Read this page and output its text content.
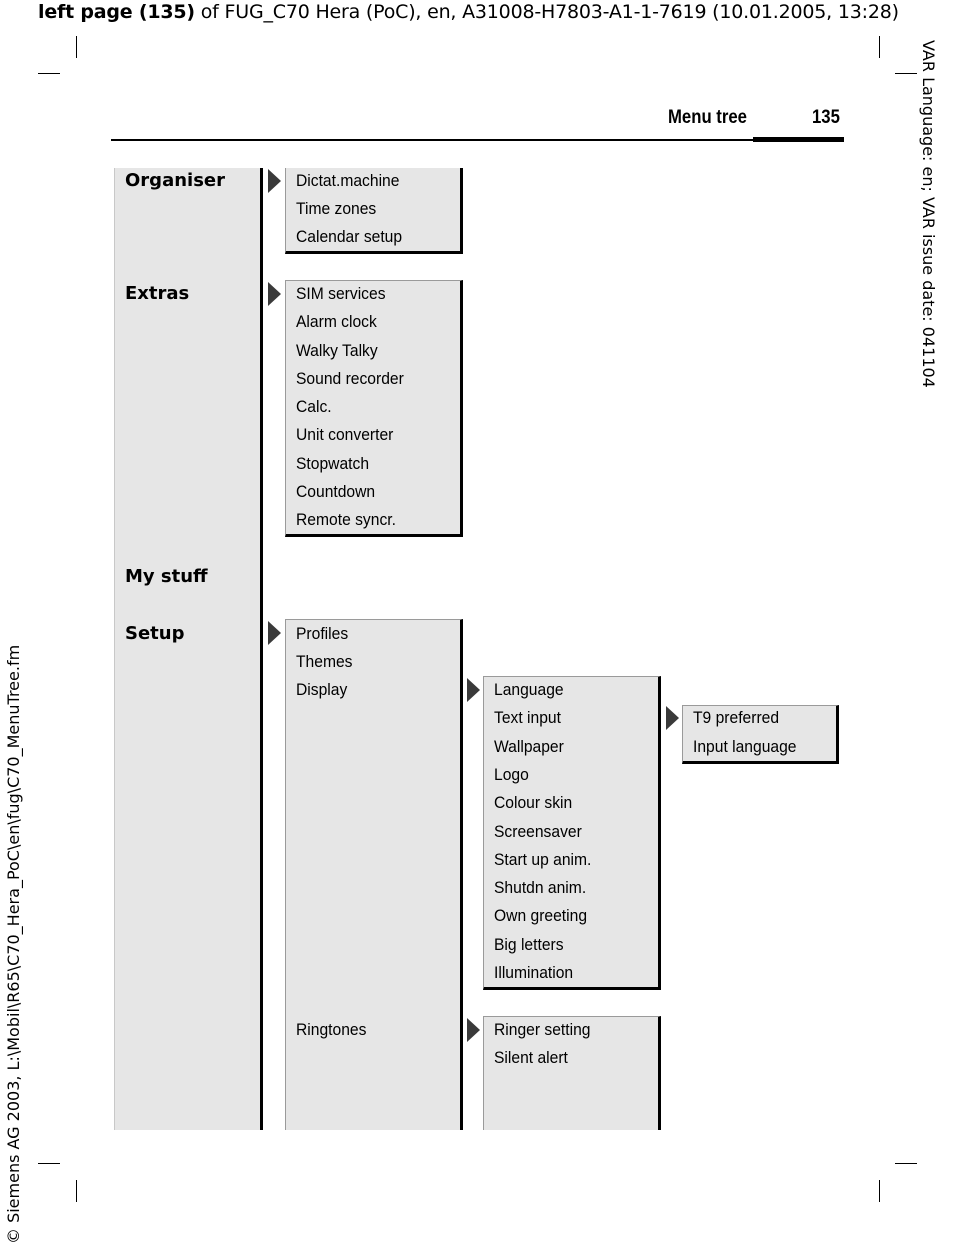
left page (135) of FUG_C70 Hera (PoC), en, A31008-H7803-A1-1-7619 (10.01.2005, 13:28)
VAR Language: en; VAR issue date: 041104
© Siemens AG 2003, L:\Mobil\R65\C70_Hera_PoC\en\fug\C70_MenuTree.fm
Menu tree	135
Organiser
Extras
My stuff
Setup
Dictat.machine
Time zones
Calendar setup
SIM services
Alarm clock
Walky Talky
Sound recorder
Calc.
Unit converter
Stopwatch
Countdown
Remote syncr.
Profiles
Themes
Display
Ringtones
Language
Text input
Wallpaper
Logo
Colour skin
Screensaver
Start up anim.
Shutdn anim.
Own greeting
Big letters
Illumination
T9 preferred
Input language
Ringer setting
Silent alert
